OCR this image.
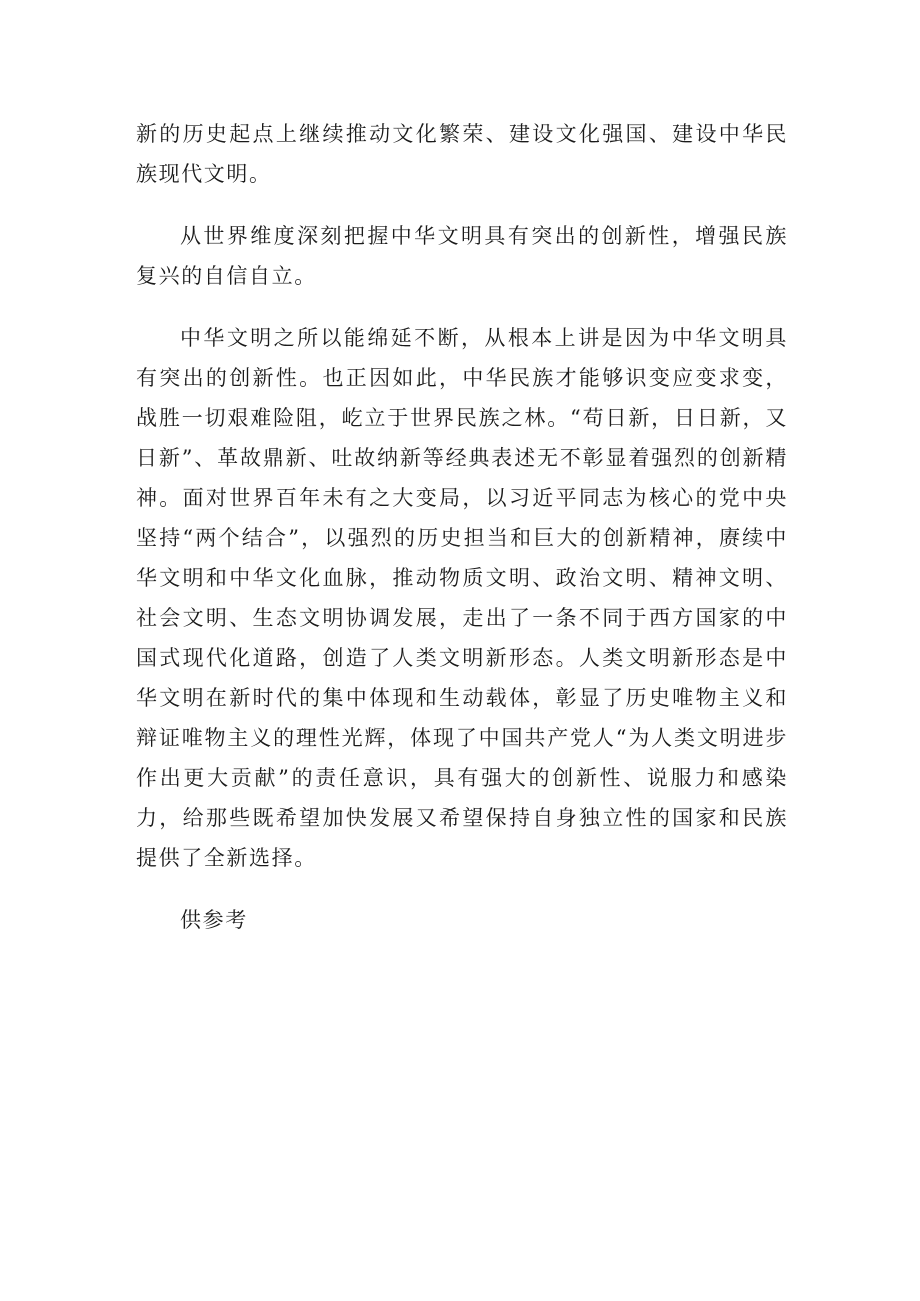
新的历史起点上继续推动文化繁荣、建设文化强国、建设中华民族现代文明。

从世界维度深刻把握中华文明具有突出的创新性，增强民族复兴的自信自立。

中华文明之所以能绵延不断，从根本上讲是因为中华文明具有突出的创新性。也正因如此，中华民族才能够识变应变求变，战胜一切艰难险阻，屹立于世界民族之林。“苟日新，日日新，又日新”、革故鼎新、吐故纳新等经典表述无不彰显着强烈的创新精神。面对世界百年未有之大变局，以习近平同志为核心的党中央坚持“两个结合”，以强烈的历史担当和巨大的创新精神，赓续中华文明和中华文化血脉，推动物质文明、政治文明、精神文明、社会文明、生态文明协调发展，走出了一条不同于西方国家的中国式现代化道路，创造了人类文明新形态。人类文明新形态是中华文明在新时代的集中体现和生动载体，彰显了历史唯物主义和辩证唯物主义的理性光辉，体现了中国共产党人“为人类文明进步作出更大贡献”的责任意识，具有强大的创新性、说服力和感染力，给那些既希望加快发展又希望保持自身独立性的国家和民族提供了全新选择。

供参考
